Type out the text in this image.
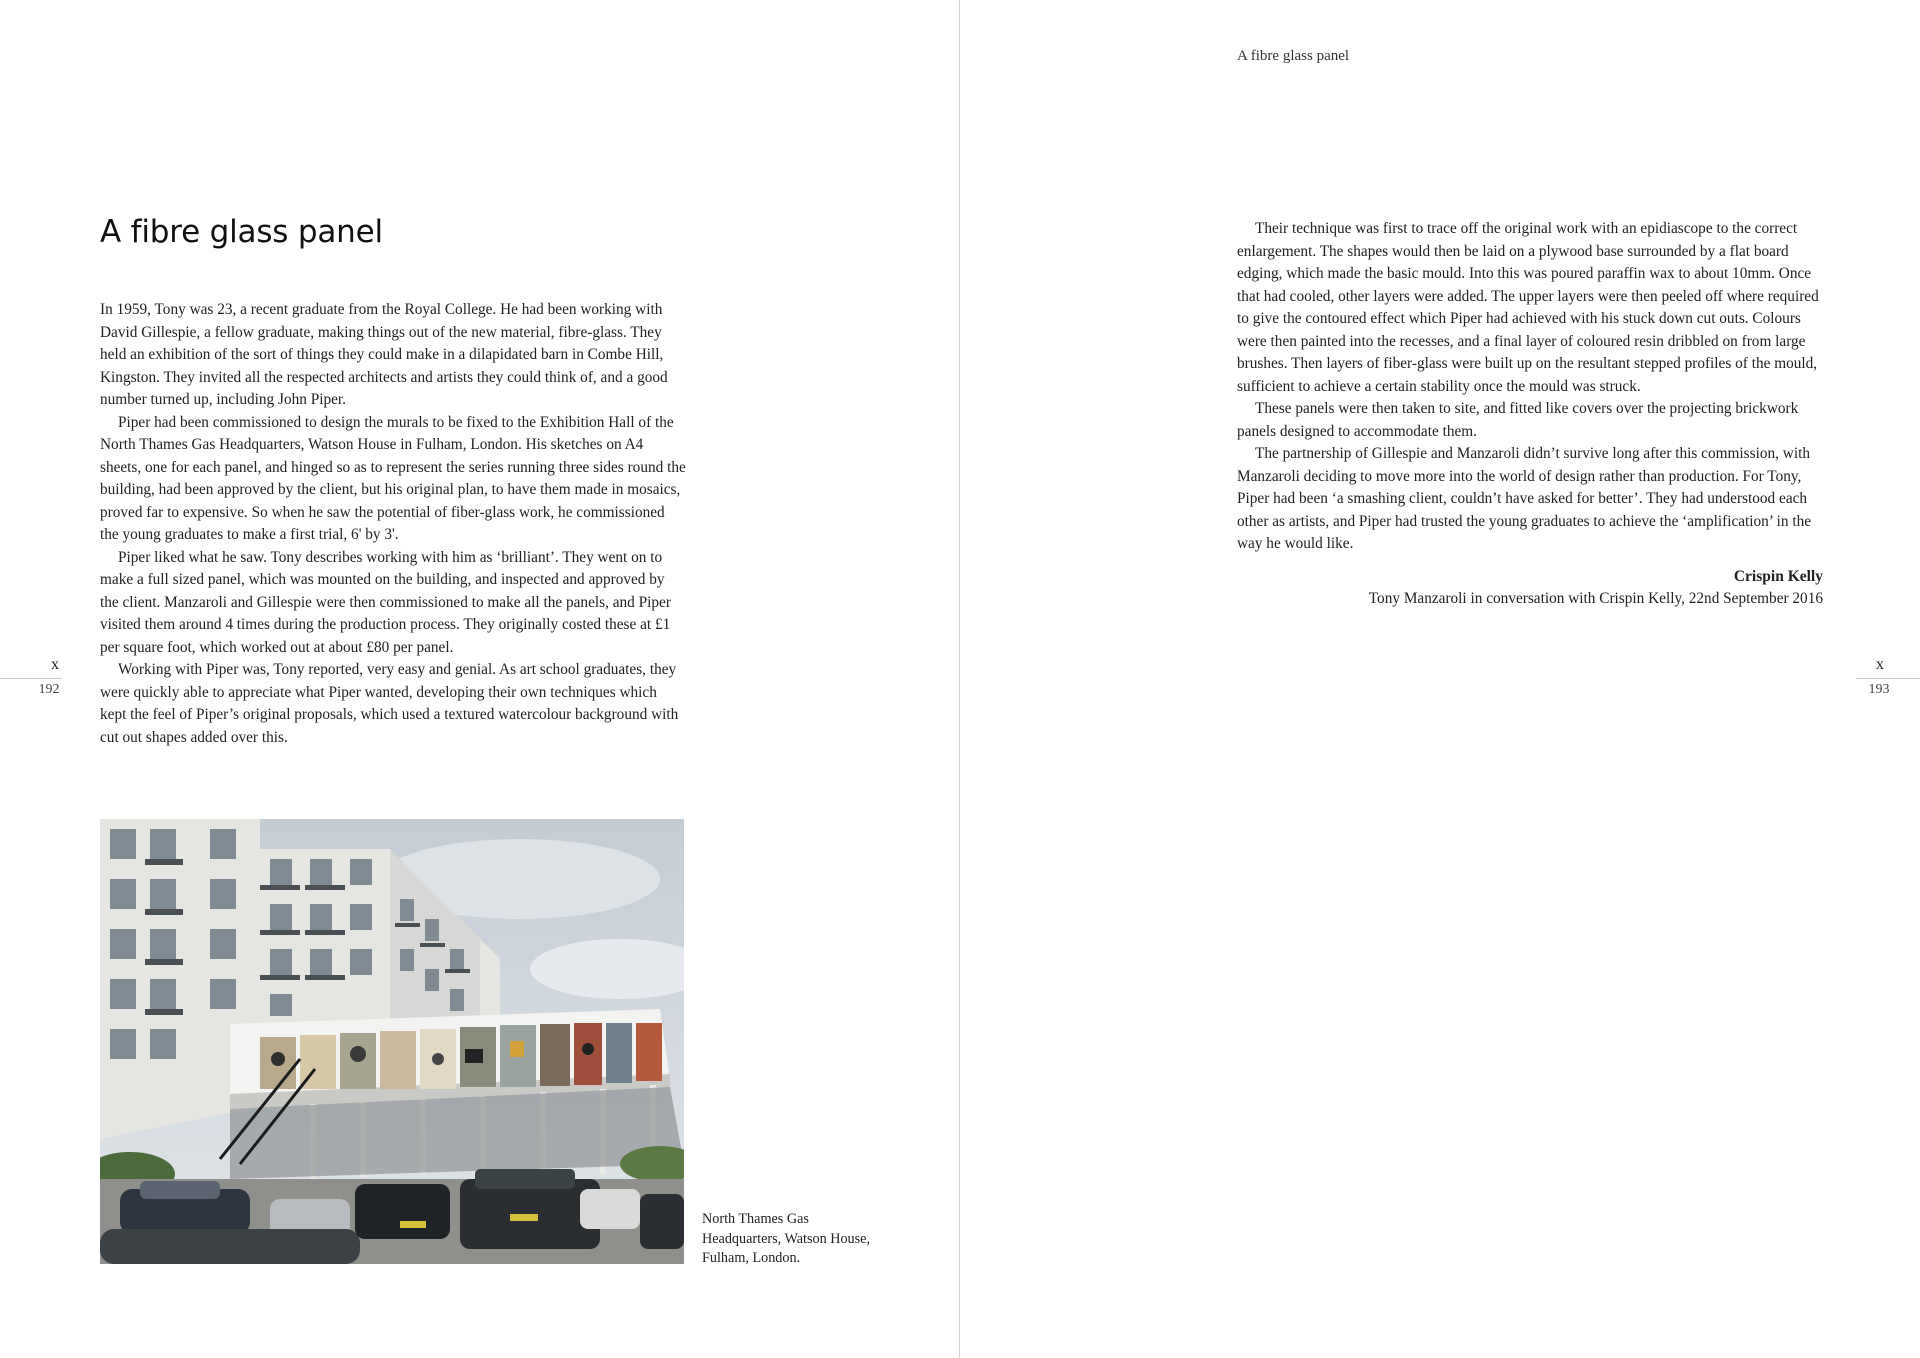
A fibre glass panel

In 1959, Tony was 23, a recent graduate from the Royal College. He had been working with David Gillespie, a fellow graduate, making things out of the new material, fibre-glass. They held an exhibition of the sort of things they could make in a dilapidated barn in Combe Hill, Kingston. They invited all the respected architects and artists they could think of, and a good number turned up, including John Piper.

Piper had been commissioned to design the murals to be fixed to the Exhibition Hall of the North Thames Gas Headquarters, Watson House in Fulham, London. His sketches on A4 sheets, one for each panel, and hinged so as to represent the series running three sides round the building, had been approved by the client, but his original plan, to have them made in mosaics, proved far to expensive. So when he saw the potential of fiber-glass work, he commissioned the young graduates to make a first trial, 6' by 3'.

Piper liked what he saw. Tony describes working with him as ‘brilliant’. They went on to make a full sized panel, which was mounted on the building, and inspected and approved by the client. Manzaroli and Gillespie were then commissioned to make all the panels, and Piper visited them around 4 times during the production process. They originally costed these at £1 per square foot, which worked out at about £80 per panel.

Working with Piper was, Tony reported, very easy and genial. As art school graduates, they were quickly able to appreciate what Piper wanted, developing their own techniques which kept the feel of Piper’s original proposals, which used a textured watercolour background with cut out shapes added over this.

x
192
North Thames Gas Headquarters, Watson House, Fulham, London.
A fibre glass panel

Their technique was first to trace off the original work with an epidiascope to the correct enlargement. The shapes would then be laid on a plywood base surrounded by a flat board edging, which made the basic mould. Into this was poured paraffin wax to about 10mm. Once that had cooled, other layers were added. The upper layers were then peeled off where required to give the contoured effect which Piper had achieved with his stuck down cut outs. Colours were then painted into the recesses, and a final layer of coloured resin dribbled on from large brushes. Then layers of fiber-glass were built up on the resultant stepped profiles of the mould, sufficient to achieve a certain stability once the mould was struck.

These panels were then taken to site, and fitted like covers over the projecting brickwork panels designed to accommodate them.

The partnership of Gillespie and Manzaroli didn’t survive long after this commission, with Manzaroli deciding to move more into the world of design rather than production. For Tony, Piper had been ‘a smashing client, couldn’t have asked for better’. They had understood each other as artists, and Piper had trusted the young graduates to achieve the ‘amplification’ in the way he would like.

Crispin Kelly
Tony Manzaroli in conversation with Crispin Kelly, 22nd September 2016
x
193
